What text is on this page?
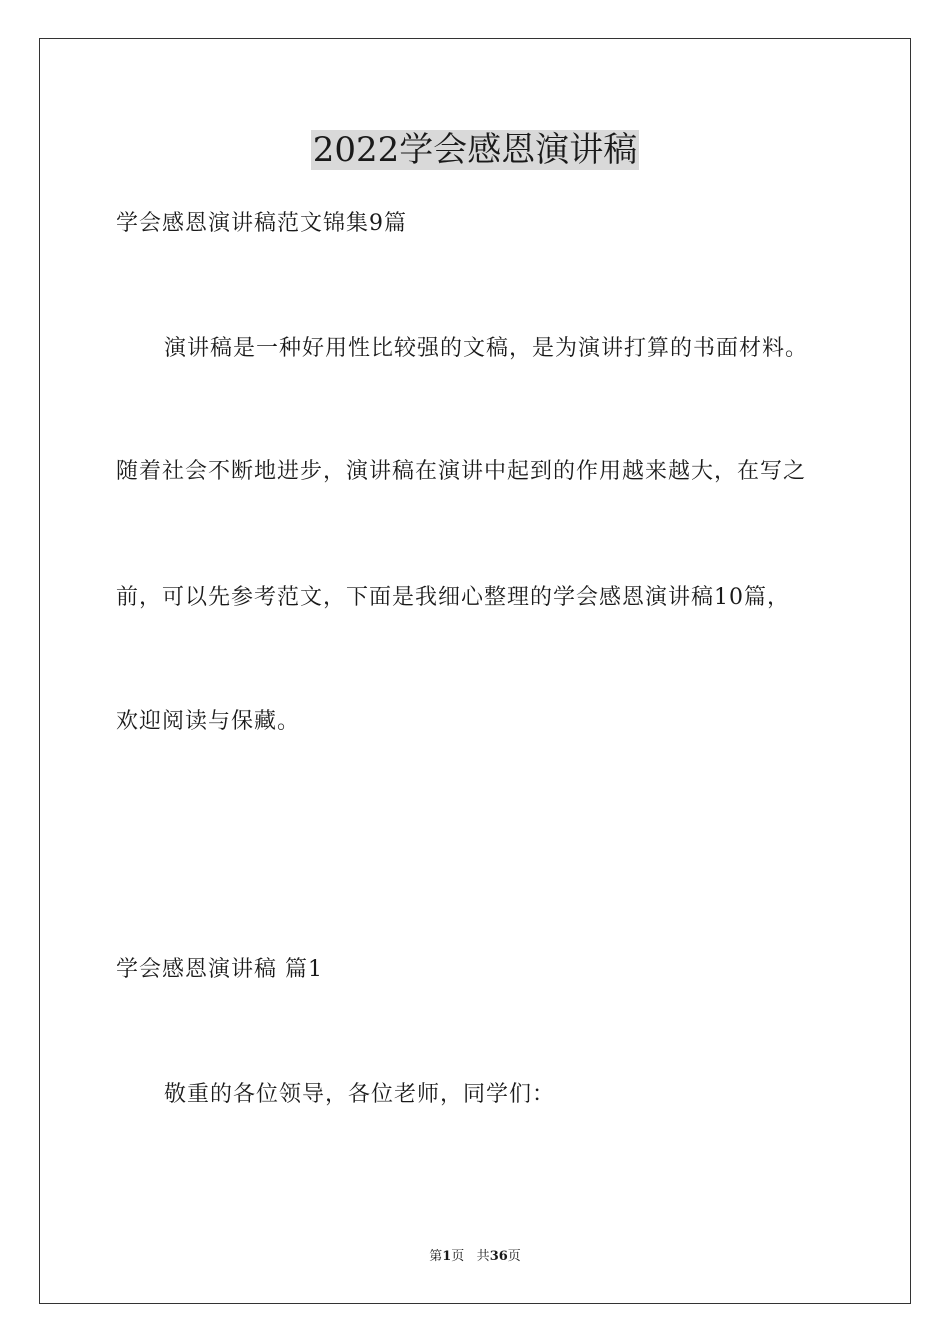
2022学会感恩演讲稿

学会感恩演讲稿范文锦集9篇

演讲稿是一种好用性比较强的文稿，是为演讲打算的书面材料。

随着社会不断地进步，演讲稿在演讲中起到的作用越来越大，在写之

前，可以先参考范文，下面是我细心整理的学会感恩演讲稿10篇，

欢迎阅读与保藏。

学会感恩演讲稿 篇1

敬重的各位领导，各位老师，同学们：

第1页 共36页
